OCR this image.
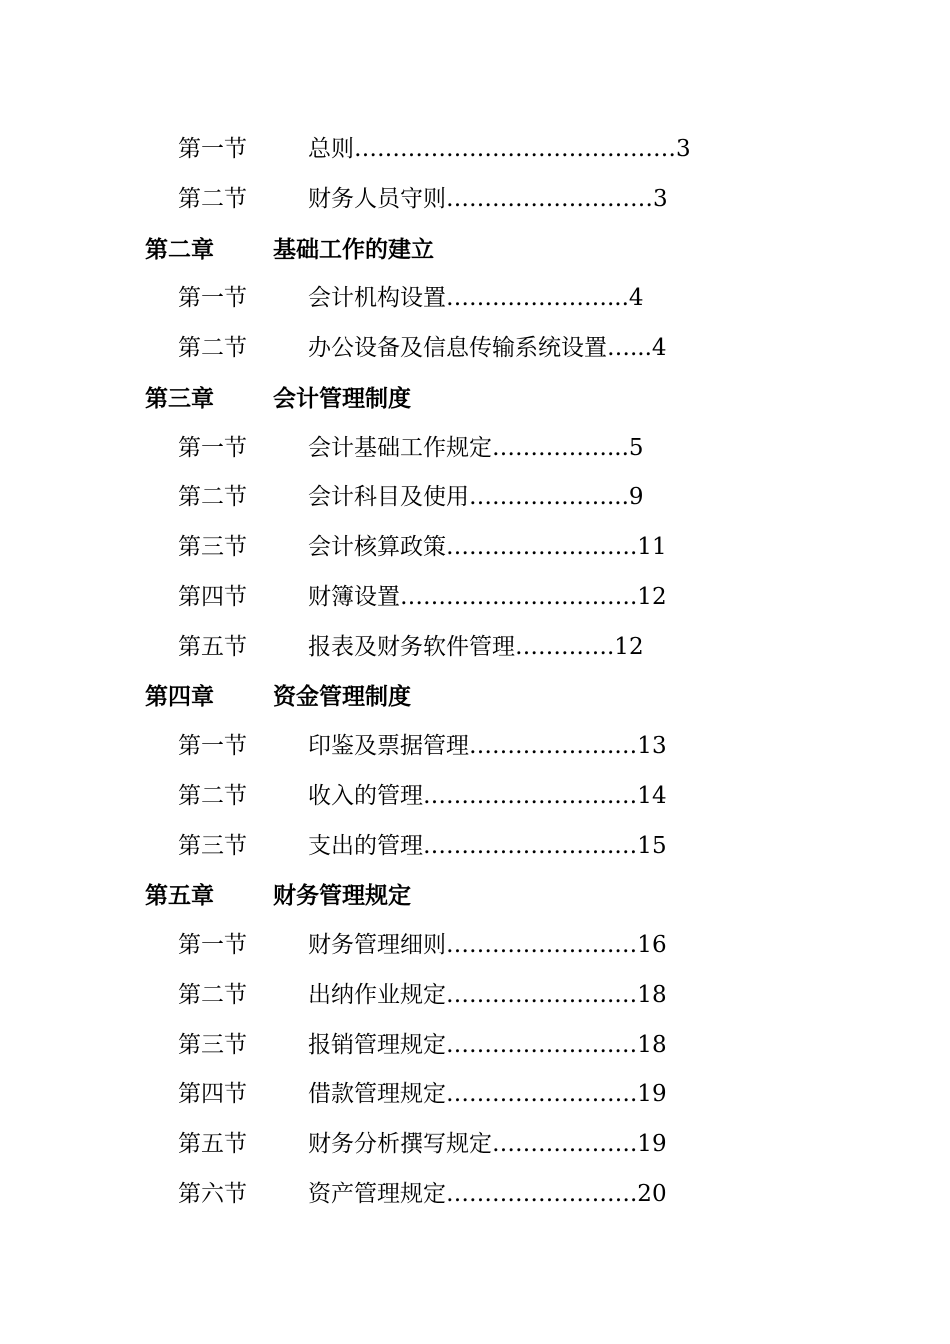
第一节	总则……………………………………3
第二节	财务人员守则………………………3
第二章	基础工作的建立
第一节	会计机构设置…………………...4
第二节	办公设备及信息传输系统设置…...4
第三章	会计管理制度
第一节	会计基础工作规定……………...5
第二节	会计科目及使用………………...9
第三节	会计核算政策…………………….11
第四节	财簿设置………………………….12
第五节	报表及财务软件管理………….12
第四章	资金管理制度
第一节	印鉴及票据管理……………….…13
第二节	收入的管理…………………….…14
第三节	支出的管理…………………….…15
第五章	财务管理规定
第一节	财务管理细则………………….…16
第二节	出纳作业规定………………….…18
第三节	报销管理规定………………….…18
第四节	借款管理规定…………………….19
第五节	财务分析撰写规定……………….19
第六节	资产管理规定…………………….20
